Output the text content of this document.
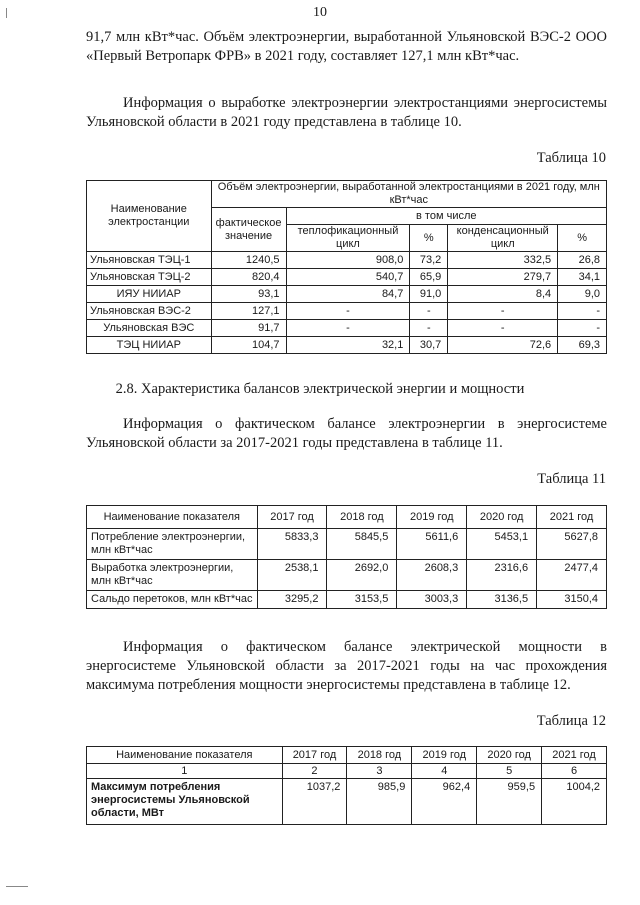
10

91,7 млн кВт*час. Объём электроэнергии, выработанной Ульяновской ВЭС-2 ООО «Первый Ветропарк ФРВ» в 2021 году, составляет 127,1 млн кВт*час.

Информация о выработке электроэнергии электростанциями энергосистемы Ульяновской области в 2021 году представлена в таблице 10.

Таблица 10
Наименование электростанции	Объём электроэнергии, выработанной электростанциями в 2021 году, млн кВт*час				
	фактическое значение	в том числе			
		теплофикационный цикл	%	конденсационный цикл	%
Ульяновская ТЭЦ-1	1240,5	908,0	73,2	332,5	26,8
Ульяновская ТЭЦ-2	820,4	540,7	65,9	279,7	34,1
ИЯУ НИИАР	93,1	84,7	91,0	8,4	9,0
Ульяновская ВЭС-2	127,1	-	-	-	-
Ульяновская ВЭС	91,7	-	-	-	-
ТЭЦ НИИАР	104,7	32,1	30,7	72,6	69,3
2.8. Характеристика балансов электрической энергии и мощности

Информация о фактическом балансе электроэнергии в энергосистеме Ульяновской области за 2017-2021 годы представлена в таблице 11.

Таблица 11
Наименование показателя	2017 год	2018 год	2019 год	2020 год	2021 год
Потребление электроэнергии, млн кВт*час	5833,3	5845,5	5611,6	5453,1	5627,8
Выработка электроэнергии, млн кВт*час	2538,1	2692,0	2608,3	2316,6	2477,4
Сальдо перетоков, млн кВт*час	3295,2	3153,5	3003,3	3136,5	3150,4

Информация о фактическом балансе электрической мощности в энергосистеме Ульяновской области за 2017-2021 годы на час прохождения максимума потребления мощности энергосистемы представлена в таблице 12.

Таблица 12
Наименование показателя	2017 год	2018 год	2019 год	2020 год	2021 год
1	2	3	4	5	6
Максимум потребления энергосистемы Ульяновской области, МВт	1037,2	985,9	962,4	959,5	1004,2
